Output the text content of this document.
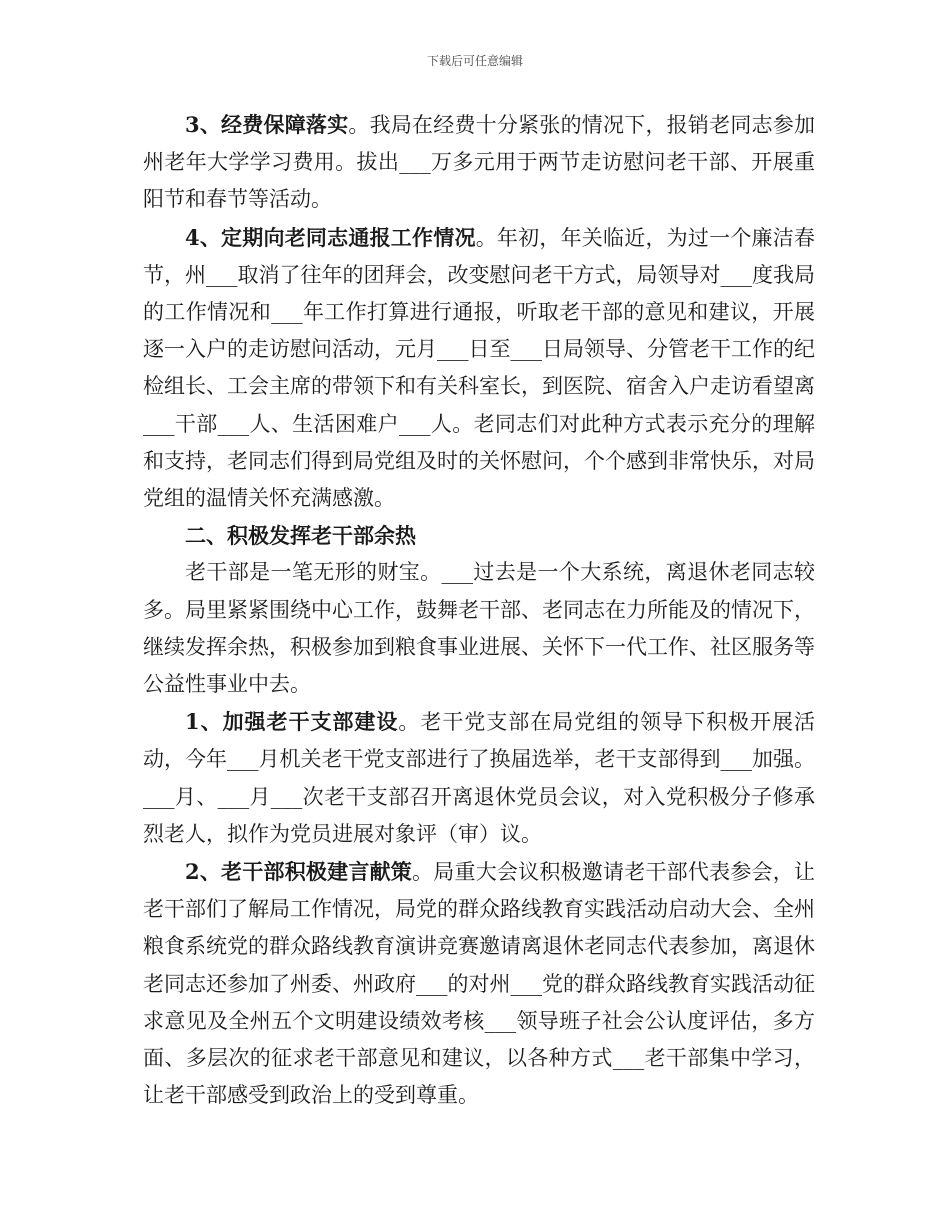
下载后可任意编辑

3、经费保障落实。我局在经费十分紧张的情况下，报销老同志参加州老年大学学习费用。拔出___万多元用于两节走访慰问老干部、开展重阳节和春节等活动。

4、定期向老同志通报工作情况。年初，年关临近，为过一个廉洁春节，州___取消了往年的团拜会，改变慰问老干方式，局领导对___度我局的工作情况和___年工作打算进行通报，听取老干部的意见和建议，开展逐一入户的走访慰问活动，元月___日至___日局领导、分管老干工作的纪检组长、工会主席的带领下和有关科室长，到医院、宿舍入户走访看望离___干部___人、生活困难户___人。老同志们对此种方式表示充分的理解和支持，老同志们得到局党组及时的关怀慰问，个个感到非常快乐，对局党组的温情关怀充满感激。

二、积极发挥老干部余热

老干部是一笔无形的财宝。___过去是一个大系统，离退休老同志较多。局里紧紧围绕中心工作，鼓舞老干部、老同志在力所能及的情况下，继续发挥余热，积极参加到粮食事业进展、关怀下一代工作、社区服务等公益性事业中去。

1、加强老干支部建设。老干党支部在局党组的领导下积极开展活动，今年___月机关老干党支部进行了换届选举，老干支部得到___加强。___月、___月___次老干支部召开离退休党员会议，对入党积极分子修承烈老人，拟作为党员进展对象评（审）议。

2、老干部积极建言献策。局重大会议积极邀请老干部代表参会，让老干部们了解局工作情况，局党的群众路线教育实践活动启动大会、全州粮食系统党的群众路线教育演讲竞赛邀请离退休老同志代表参加，离退休老同志还参加了州委、州政府___的对州___党的群众路线教育实践活动征求意见及全州五个文明建设绩效考核___领导班子社会公认度评估，多方面、多层次的征求老干部意见和建议，以各种方式___老干部集中学习，让老干部感受到政治上的受到尊重。
